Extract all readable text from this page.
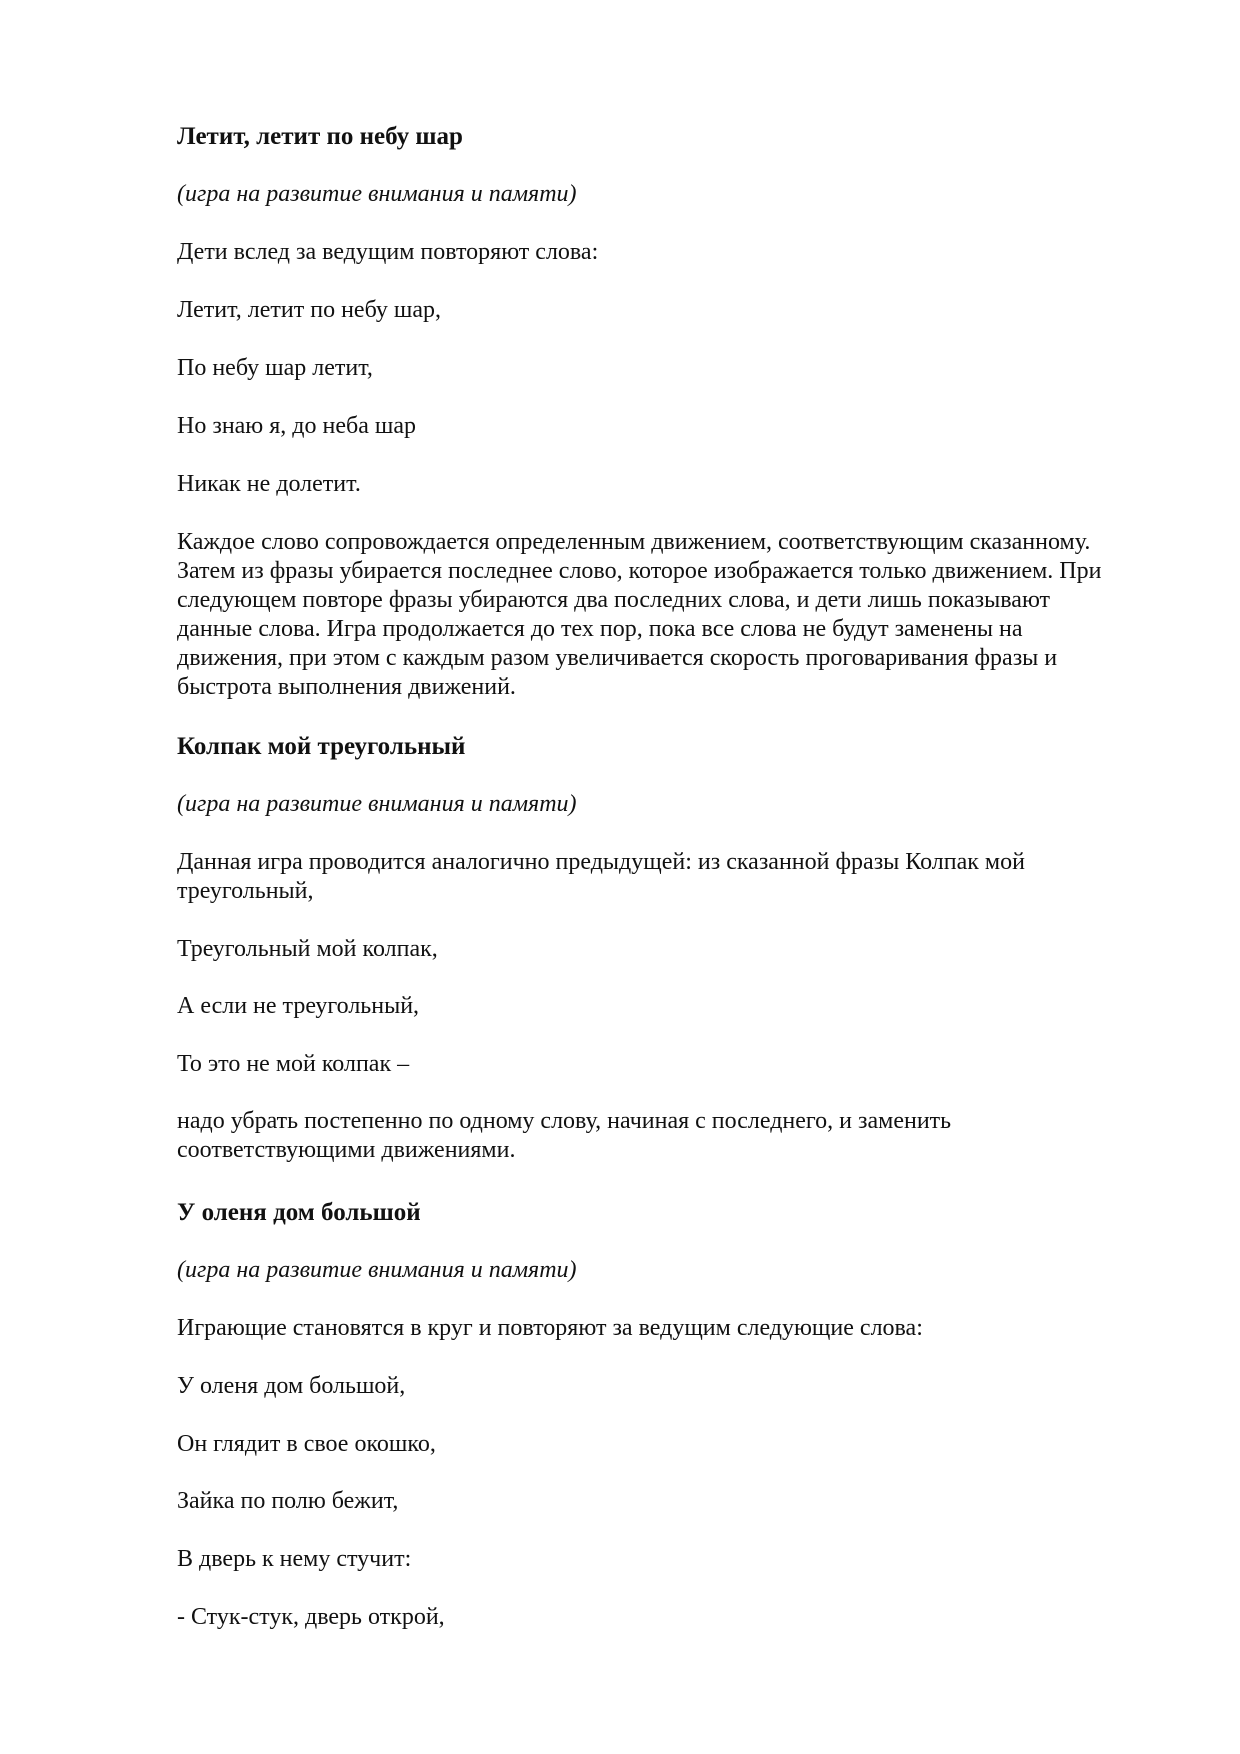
Летит, летит по небу шар
(игра на развитие внимания и памяти)
Дети вслед за ведущим повторяют слова:
Летит, летит по небу шар,
По небу шар летит,
Но знаю я, до неба шар
Никак не долетит.
Каждое слово сопровождается определенным движением, соответствующим сказанному.
Затем из фразы убирается последнее слово, которое изображается только движением. При
следующем повторе фразы убираются два последних слова, и дети лишь показывают
данные слова. Игра продолжается до тех пор, пока все слова не будут заменены на
движения, при этом с каждым разом увеличивается скорость проговаривания фразы и
быстрота выполнения движений.
Колпак мой треугольный
(игра на развитие внимания и памяти)
Данная игра проводится аналогично предыдущей: из сказанной фразы Колпак мой
треугольный,
Треугольный мой колпак,
А если не треугольный,
То это не мой колпак –
надо убрать постепенно по одному слову, начиная с последнего, и заменить
соответствующими движениями.
У оленя дом большой
(игра на развитие внимания и памяти)
Играющие становятся в круг и повторяют за ведущим следующие слова:
У оленя дом большой,
Он глядит в свое окошко,
Зайка по полю бежит,
В дверь к нему стучит:
- Стук-стук, дверь открой,
